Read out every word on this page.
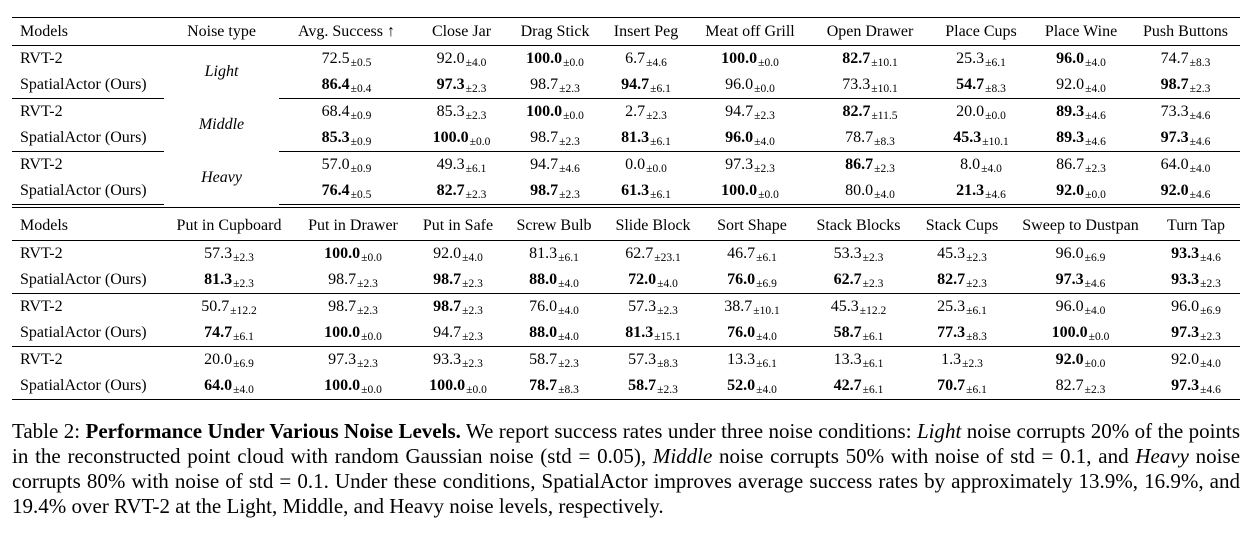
Models	Noise type	Avg. Success ↑	Close Jar	Drag Stick	Insert Peg	Meat off Grill	Open Drawer	Place Cups	Place Wine	Push Buttons
RVT-2	Light	$72.5_{\pm 0.5}$	$92.0_{\pm 4.0}$	$100.0_{\pm 0.0}$	$6.7_{\pm 4.6}$	$100.0_{\pm 0.0}$	$82.7_{\pm 10.1}$	$25.3_{\pm 6.1}$	$96.0_{\pm 4.0}$	$74.7_{\pm 8.3}$
SpatialActor (Ours)		$86.4_{\pm 0.4}$	$97.3_{\pm 2.3}$	$98.7_{\pm 2.3}$	$94.7_{\pm 6.1}$	$96.0_{\pm 0.0}$	$73.3_{\pm 10.1}$	$54.7_{\pm 8.3}$	$92.0_{\pm 4.0}$	$98.7_{\pm 2.3}$
RVT-2	Middle	$68.4_{\pm 0.9}$	$85.3_{\pm 2.3}$	$100.0_{\pm 0.0}$	$2.7_{\pm 2.3}$	$94.7_{\pm 2.3}$	$82.7_{\pm 11.5}$	$20.0_{\pm 0.0}$	$89.3_{\pm 4.6}$	$73.3_{\pm 4.6}$
SpatialActor (Ours)		$85.3_{\pm 0.9}$	$100.0_{\pm 0.0}$	$98.7_{\pm 2.3}$	$81.3_{\pm 6.1}$	$96.0_{\pm 4.0}$	$78.7_{\pm 8.3}$	$45.3_{\pm 10.1}$	$89.3_{\pm 4.6}$	$97.3_{\pm 4.6}$
RVT-2	Heavy	$57.0_{\pm 0.9}$	$49.3_{\pm 6.1}$	$94.7_{\pm 4.6}$	$0.0_{\pm 0.0}$	$97.3_{\pm 2.3}$	$86.7_{\pm 2.3}$	$8.0_{\pm 4.0}$	$86.7_{\pm 2.3}$	$64.0_{\pm 4.0}$
SpatialActor (Ours)		$76.4_{\pm 0.5}$	$82.7_{\pm 2.3}$	$98.7_{\pm 2.3}$	$61.3_{\pm 6.1}$	$100.0_{\pm 0.0}$	$80.0_{\pm 4.0}$	$21.3_{\pm 4.6}$	$92.0_{\pm 0.0}$	$92.0_{\pm 4.6}$
Models	Put in Cupboard	Put in Drawer	Put in Safe	Screw Bulb	Slide Block	Sort Shape	Stack Blocks	Stack Cups	Sweep to Dustpan	Turn Tap
RVT-2	$57.3_{\pm 2.3}$	$100.0_{\pm 0.0}$	$92.0_{\pm 4.0}$	$81.3_{\pm 6.1}$	$62.7_{\pm 23.1}$	$46.7_{\pm 6.1}$	$53.3_{\pm 2.3}$	$45.3_{\pm 2.3}$	$96.0_{\pm 6.9}$	$93.3_{\pm 4.6}$
SpatialActor (Ours)	$81.3_{\pm 2.3}$	$98.7_{\pm 2.3}$	$98.7_{\pm 2.3}$	$88.0_{\pm 4.0}$	$72.0_{\pm 4.0}$	$76.0_{\pm 6.9}$	$62.7_{\pm 2.3}$	$82.7_{\pm 2.3}$	$97.3_{\pm 4.6}$	$93.3_{\pm 2.3}$
RVT-2	$50.7_{\pm 12.2}$	$98.7_{\pm 2.3}$	$98.7_{\pm 2.3}$	$76.0_{\pm 4.0}$	$57.3_{\pm 2.3}$	$38.7_{\pm 10.1}$	$45.3_{\pm 12.2}$	$25.3_{\pm 6.1}$	$96.0_{\pm 4.0}$	$96.0_{\pm 6.9}$
SpatialActor (Ours)	$74.7_{\pm 6.1}$	$100.0_{\pm 0.0}$	$94.7_{\pm 2.3}$	$88.0_{\pm 4.0}$	$81.3_{\pm 15.1}$	$76.0_{\pm 4.0}$	$58.7_{\pm 6.1}$	$77.3_{\pm 8.3}$	$100.0_{\pm 0.0}$	$97.3_{\pm 2.3}$
RVT-2	$20.0_{\pm 6.9}$	$97.3_{\pm 2.3}$	$93.3_{\pm 2.3}$	$58.7_{\pm 2.3}$	$57.3_{\pm 8.3}$	$13.3_{\pm 6.1}$	$13.3_{\pm 6.1}$	$1.3_{\pm 2.3}$	$92.0_{\pm 0.0}$	$92.0_{\pm 4.0}$
SpatialActor (Ours)	$64.0_{\pm 4.0}$	$100.0_{\pm 0.0}$	$100.0_{\pm 0.0}$	$78.7_{\pm 8.3}$	$58.7_{\pm 2.3}$	$52.0_{\pm 4.0}$	$42.7_{\pm 6.1}$	$70.7_{\pm 6.1}$	$82.7_{\pm 2.3}$	$97.3_{\pm 4.6}$
Table 2: Performance Under Various Noise Levels. We report success rates under three noise conditions: Light noise corrupts 20% of the points in the reconstructed point cloud with random Gaussian noise (std = 0.05), Middle noise corrupts 50% with noise of std = 0.1, and Heavy noise corrupts 80% with noise of std = 0.1. Under these conditions, SpatialActor improves average success rates by approximately 13.9%, 16.9%, and 19.4% over RVT-2 at the Light, Middle, and Heavy noise levels, respectively.
